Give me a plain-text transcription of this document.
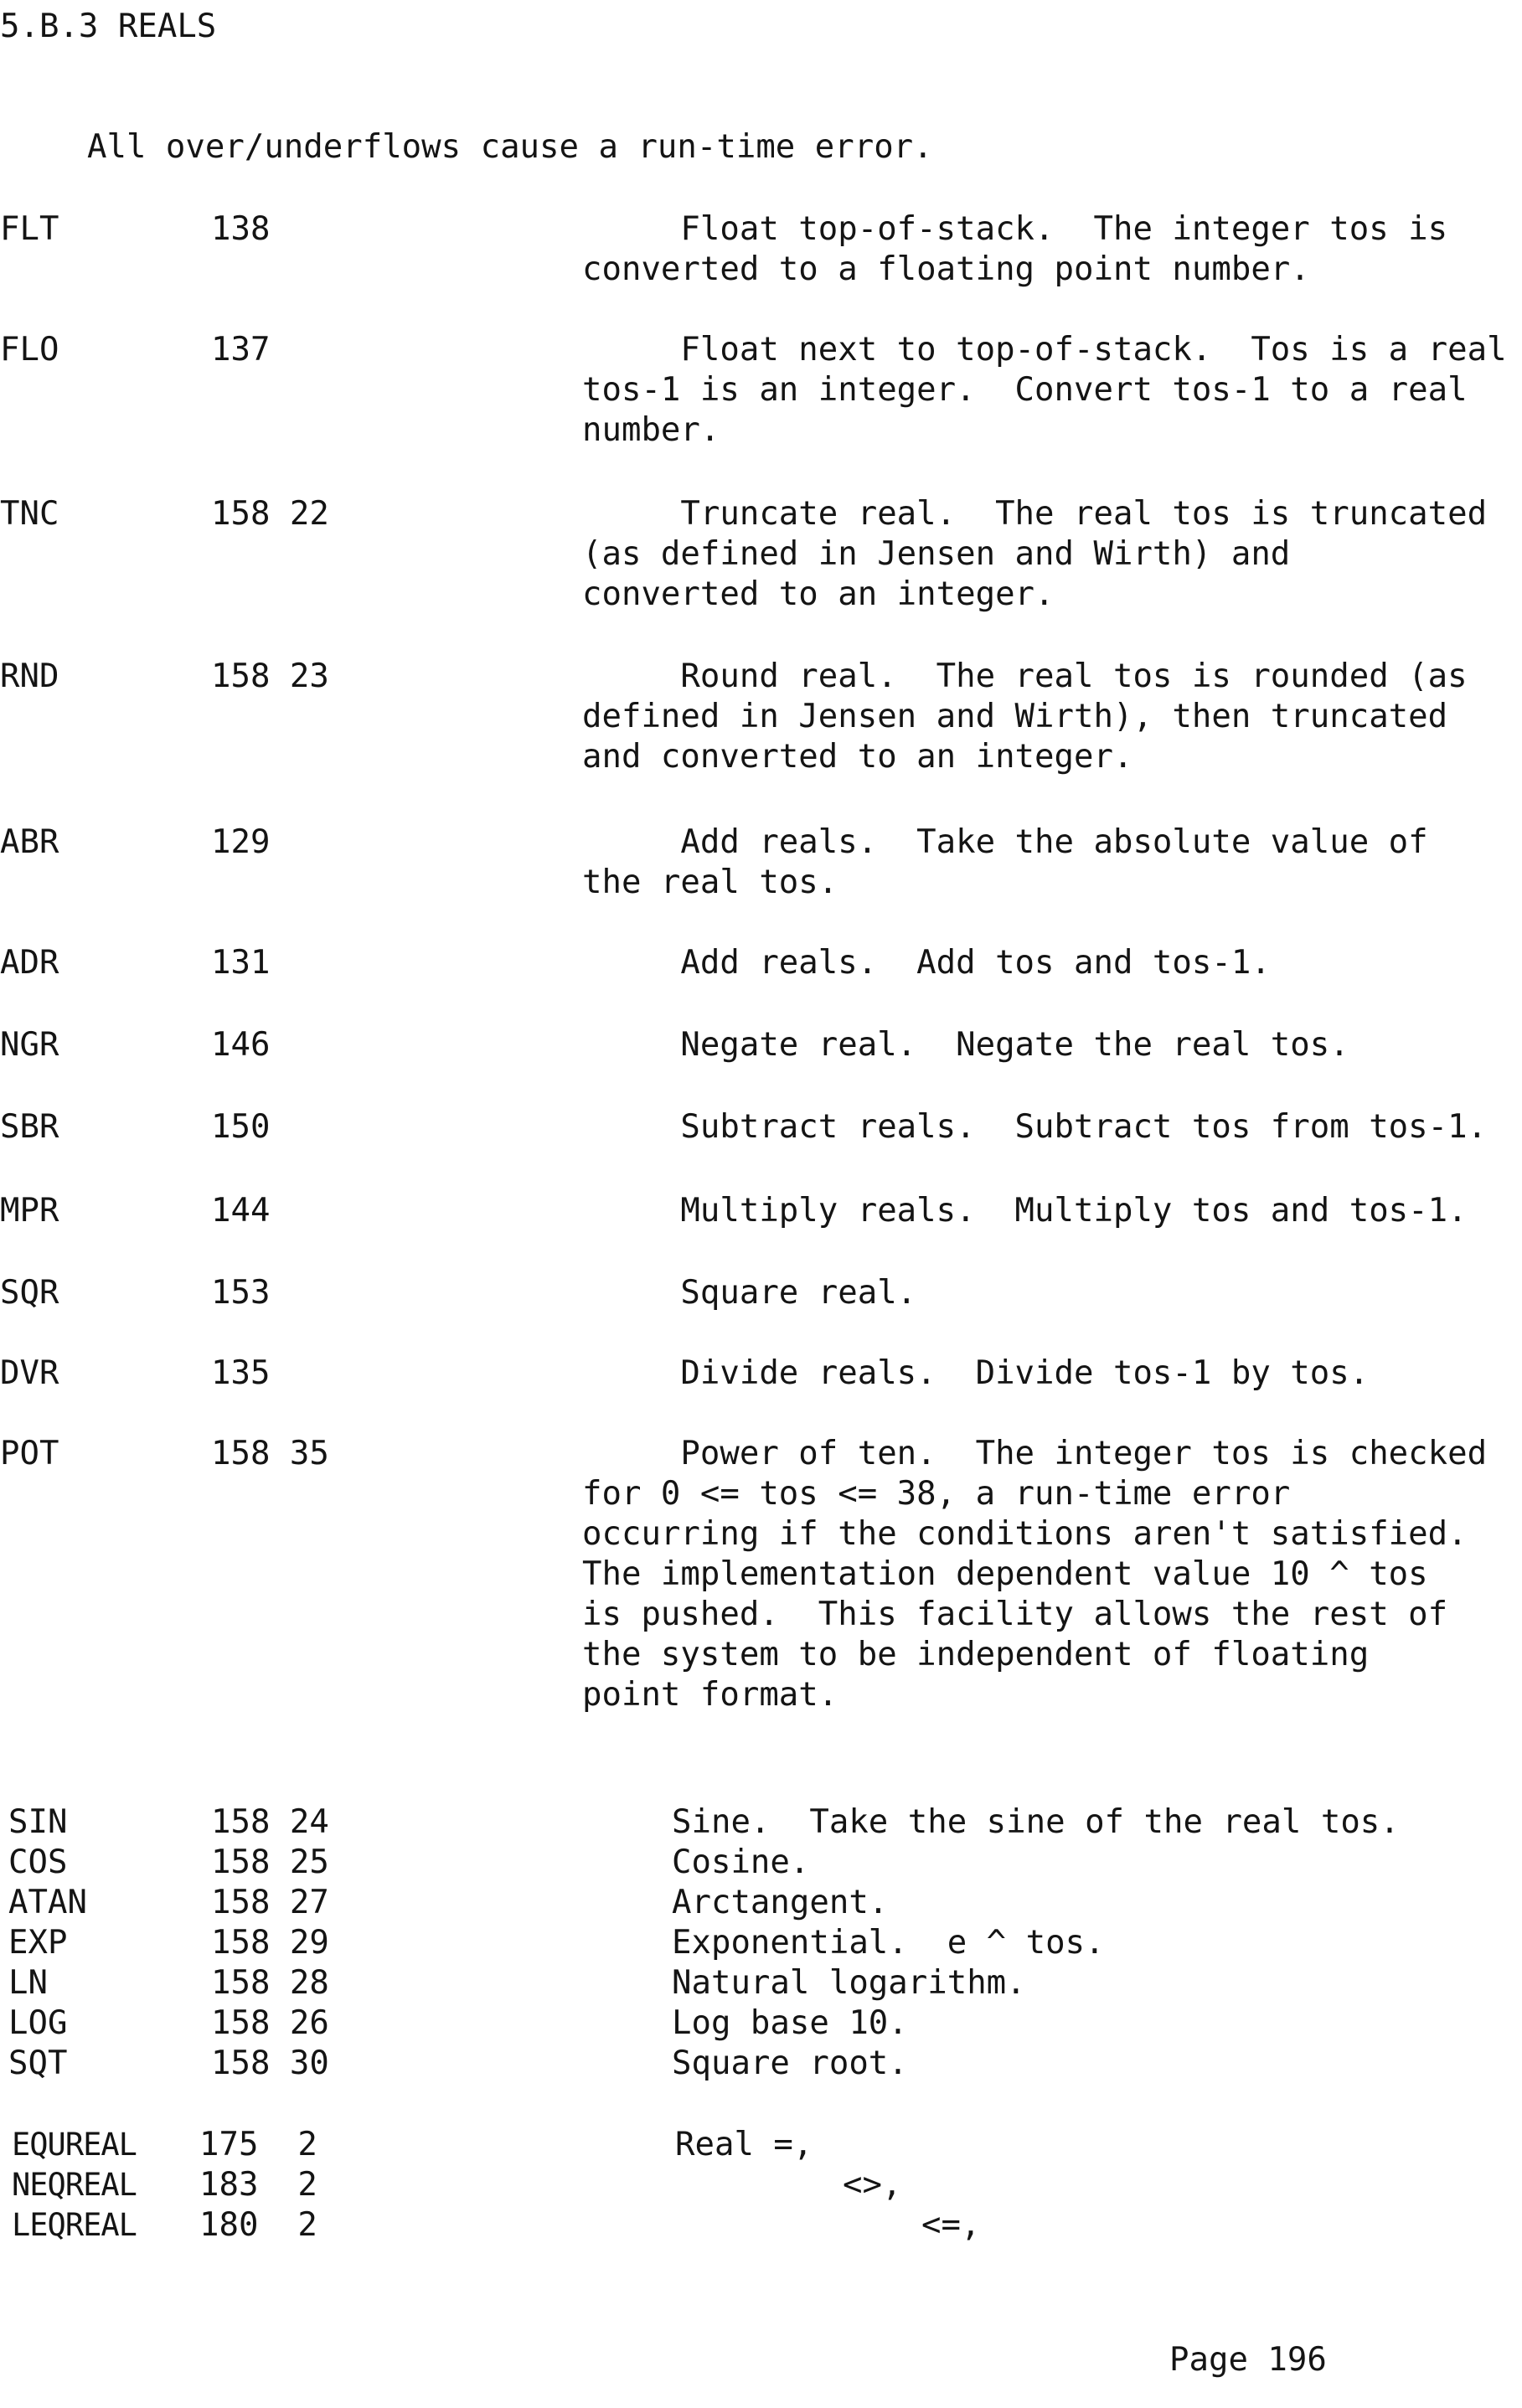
5.B.3 REALS
All over/underflows cause a run-time error.
FLT	138	Float top-of-stack.  The integer tos is
converted to a floating point number.
FLO	137	Float next to top-of-stack.  Tos is a real
tos-1 is an integer.  Convert tos-1 to a real
number.
TNC	158 22	Truncate real.  The real tos is truncated
(as defined in Jensen and Wirth) and
converted to an integer.
RND	158 23	Round real.  The real tos is rounded (as
defined in Jensen and Wirth), then truncated
and converted to an integer.
ABR	129	Add reals.  Take the absolute value of
the real tos.
ADR	131	Add reals.  Add tos and tos-1.
NGR	146	Negate real.  Negate the real tos.
SBR	150	Subtract reals.  Subtract tos from tos-1.
MPR	144	Multiply reals.  Multiply tos and tos-1.
SQR	153	Square real.
DVR	135	Divide reals.  Divide tos-1 by tos.
POT	158 35	Power of ten.  The integer tos is checked
for 0 <= tos <= 38, a run-time error
occurring if the conditions aren't satisfied.
The implementation dependent value 10 ^ tos
is pushed.  This facility allows the rest of
the system to be independent of floating
point format.
SIN	158 24	Sine.  Take the sine of the real tos.
COS	158 25	Cosine.
ATAN	158 27	Arctangent.
EXP	158 29	Exponential.  e ^ tos.
LN	158 28	Natural logarithm.
LOG	158 26	Log base 10.
SQT	158 30	Square root.
EQUREAL 175  2	Real =,
NEQREAL 183  2	<>,
LEQREAL 180  2	<=,
Page 196
